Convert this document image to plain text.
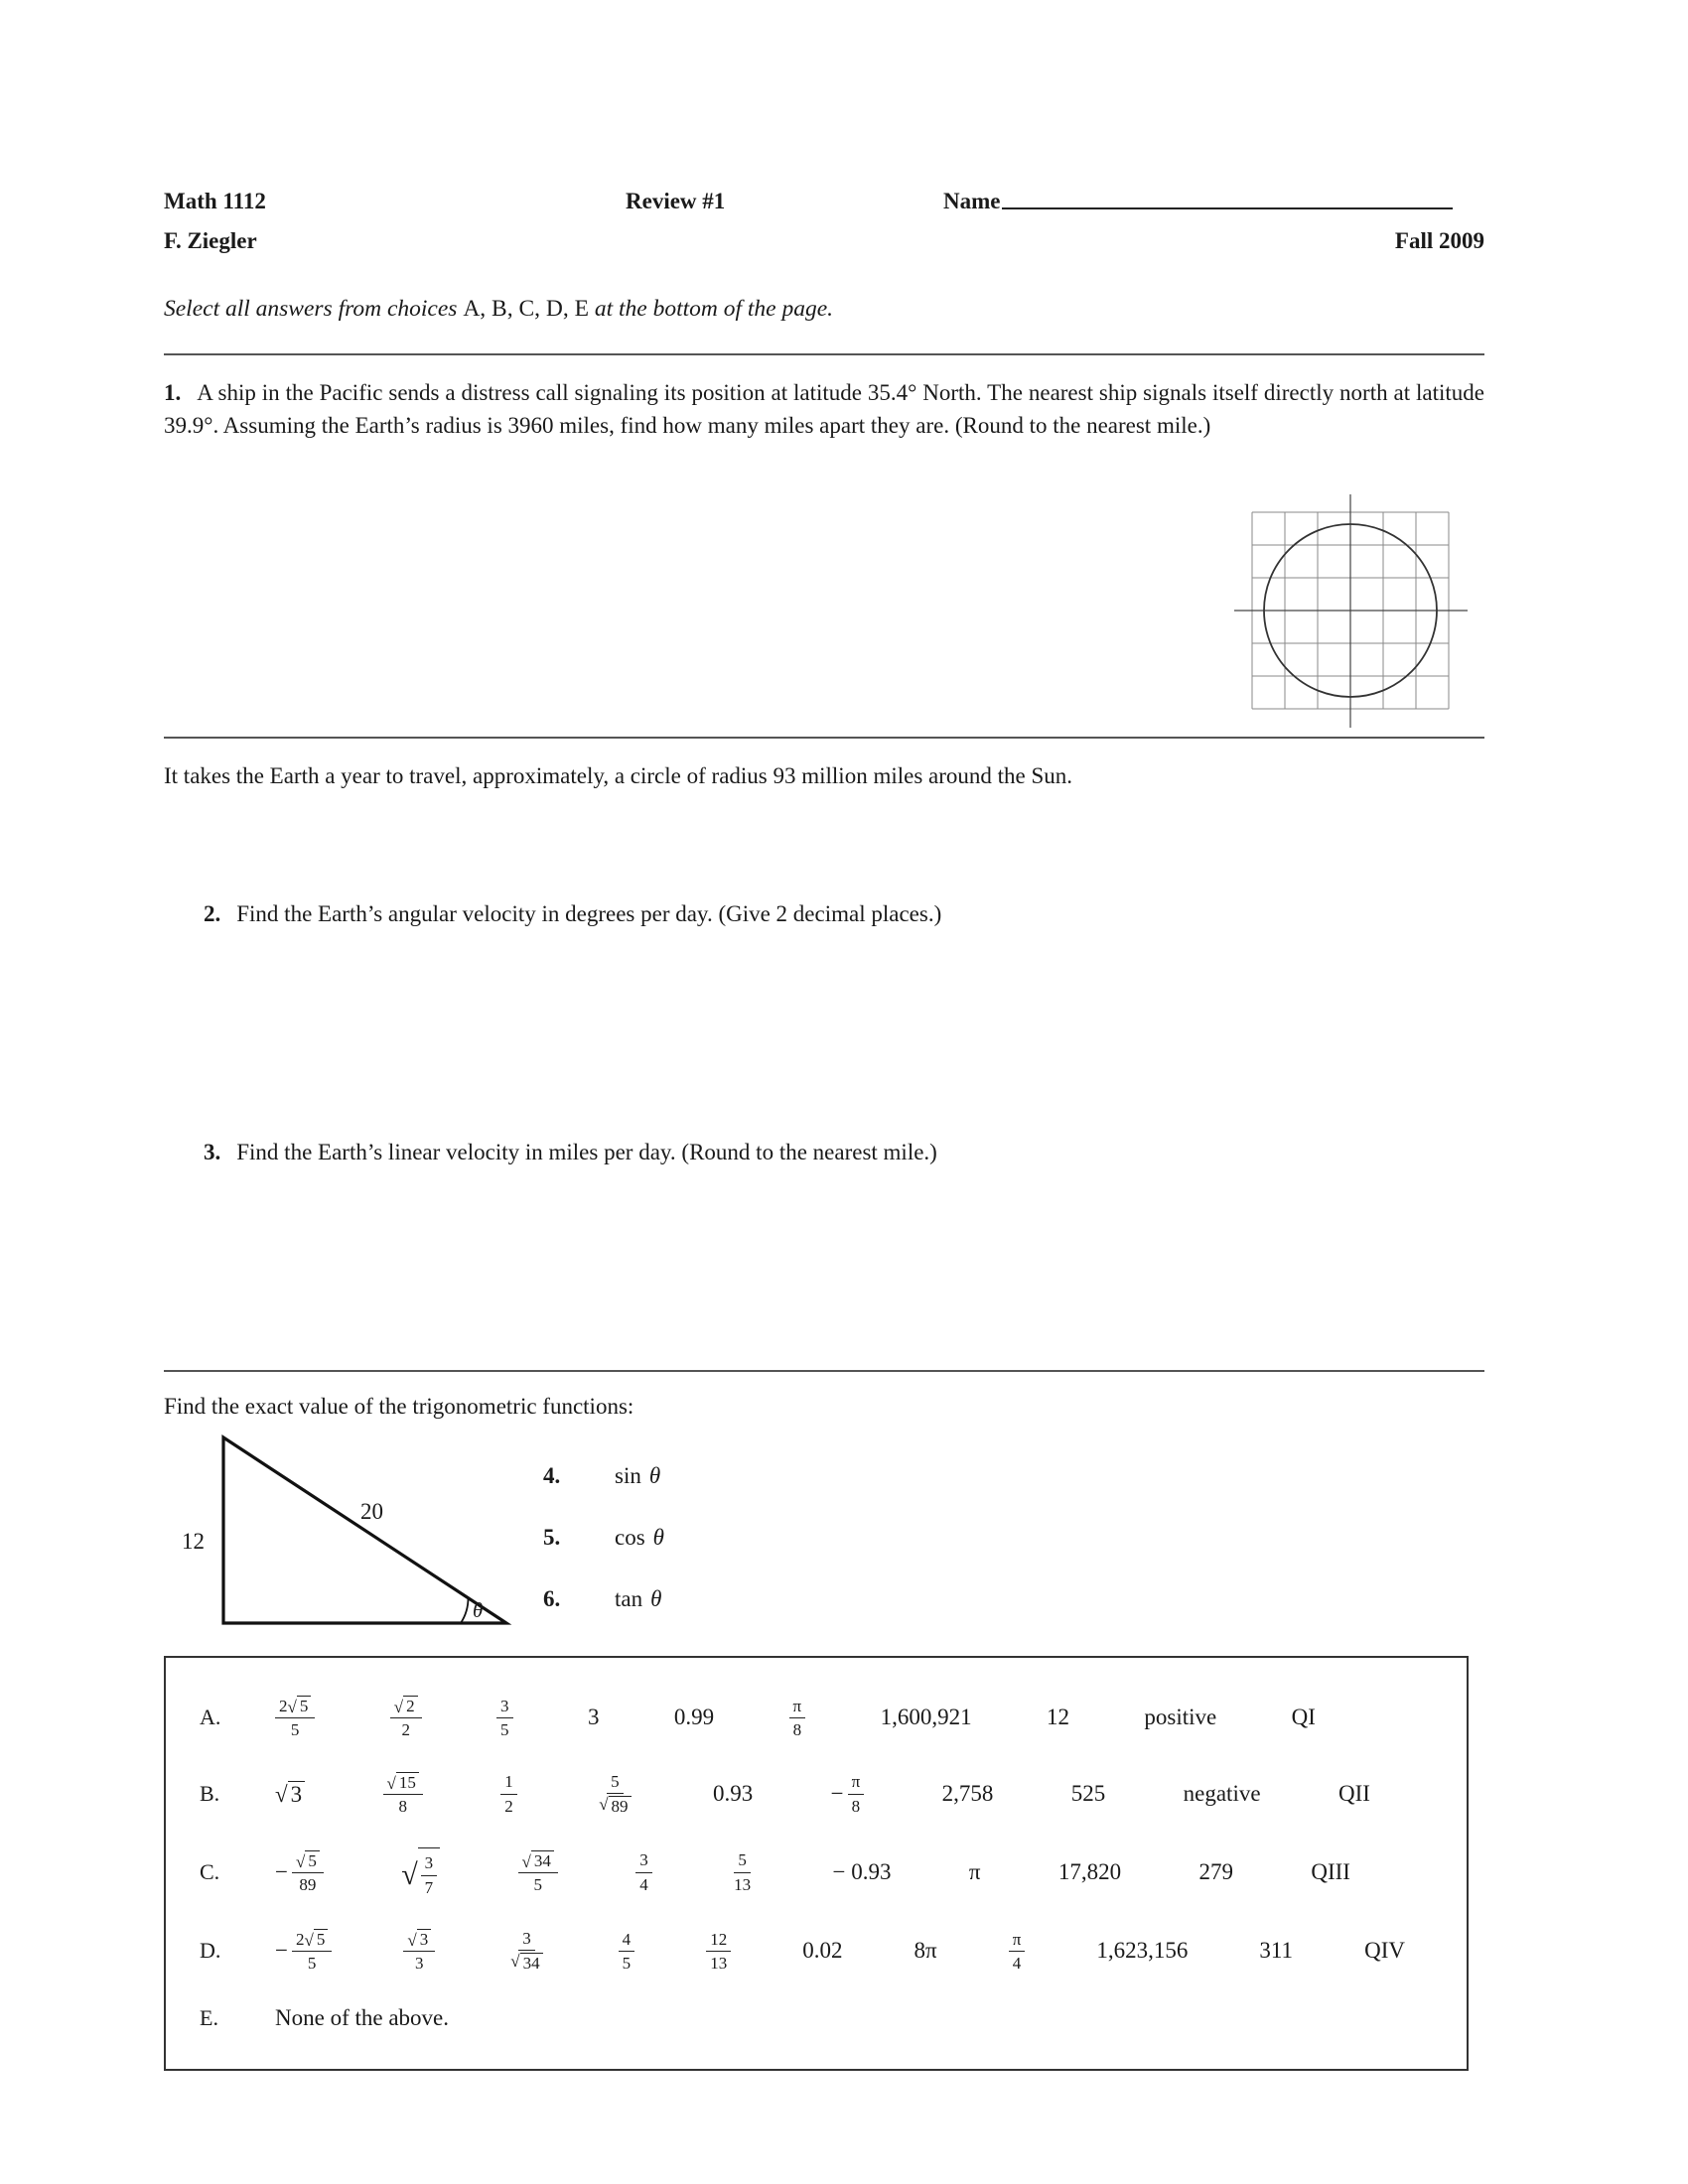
Math 1112	Review #1	Name
F. Ziegler	Fall 2009
Select all answers from choices A, B, C, D, E at the bottom of the page.

1. A ship in the Pacific sends a distress call signaling its position at latitude 35.4° North. The nearest ship signals itself directly north at latitude 39.9°. Assuming the Earth’s radius is 3960 miles, find how many miles apart they are. (Round to the nearest mile.)

It takes the Earth a year to travel, approximately, a circle of radius 93 million miles around the Sun.

2. Find the Earth’s angular velocity in degrees per day. (Give 2 decimal places.)

3. Find the Earth’s linear velocity in miles per day. (Round to the nearest mile.)

Find the exact value of the trigonometric functions:
12
20
θ
4.	sin θ
5.	cos θ
6.	tan θ
A.	$\frac{2 √ 5}{5}$	$\frac{√ 2}{2}$	$\frac{3}{5}$	3	0.99	$\frac{\pi}{8}$	1,600,921	12	positive	QI
B.	√ 3	$\frac{√ 15}{8}$	$\frac{1}{2}$	$\frac{5}{√ 89}$	0.93	− $\frac{\pi}{8}$	2,758	525	negative	QII
C.	− $\frac{√ 5}{89}$	√ $\frac{3}{7}$	$\frac{√ 34}{5}$	$\frac{3}{4}$	$\frac{5}{13}$	− 0.93	π	17,820	279	QIII
D.	− $\frac{2 √ 5}{5}$	$\frac{√ 3}{3}$	$\frac{3}{√ 34}$	$\frac{4}{5}$	$\frac{12}{13}$	0.02	8π	$\frac{\pi}{4}$	1,623,156	311	QIV
E.	None of the above.
